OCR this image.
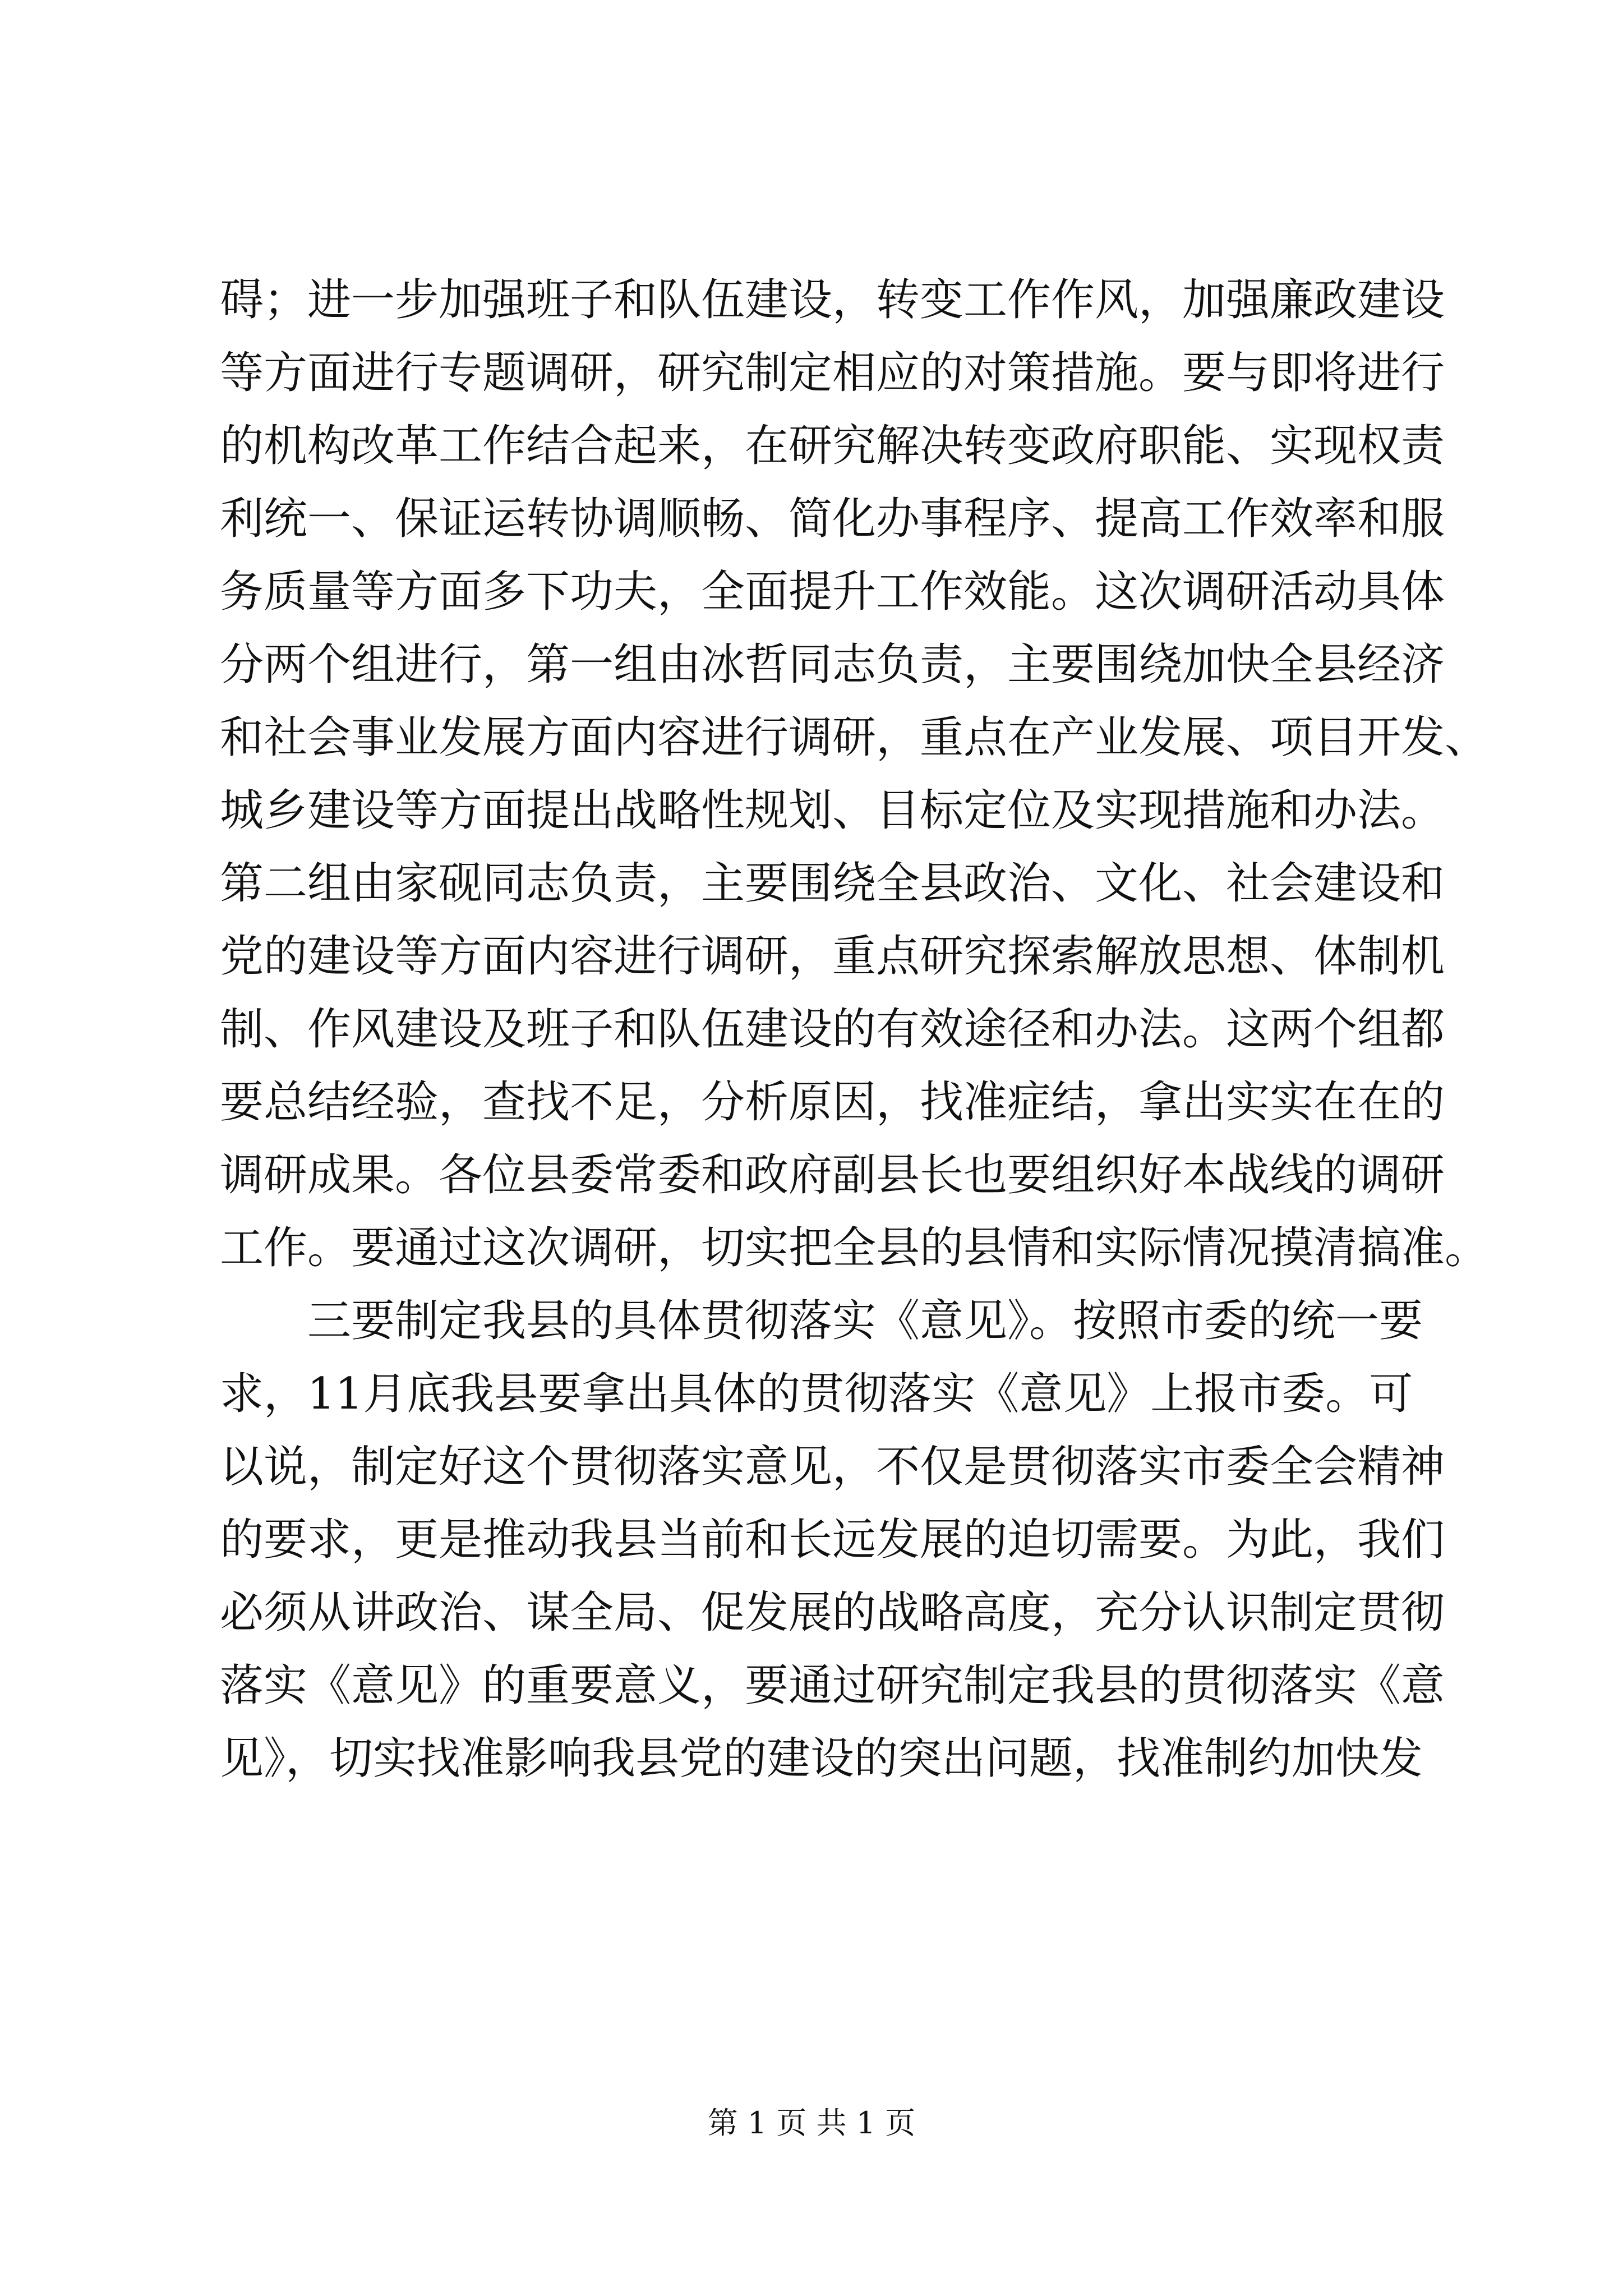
碍；进一步加强班子和队伍建设，转变工作作风，加强廉政建设
等方面进行专题调研，研究制定相应的对策措施。要与即将进行
的机构改革工作结合起来，在研究解决转变政府职能、实现权责
利统一、保证运转协调顺畅、简化办事程序、提高工作效率和服
务质量等方面多下功夫，全面提升工作效能。这次调研活动具体
分两个组进行，第一组由冰哲同志负责，主要围绕加快全县经济
和社会事业发展方面内容进行调研，重点在产业发展、项目开发、
城乡建设等方面提出战略性规划、目标定位及实现措施和办法。
第二组由家砚同志负责，主要围绕全县政治、文化、社会建设和
党的建设等方面内容进行调研，重点研究探索解放思想、体制机
制、作风建设及班子和队伍建设的有效途径和办法。这两个组都
要总结经验，查找不足，分析原因，找准症结，拿出实实在在的
调研成果。各位县委常委和政府副县长也要组织好本战线的调研
工作。要通过这次调研，切实把全县的县情和实际情况摸清搞准。
三要制定我县的具体贯彻落实《意见》。按照市委的统一要
求，11月底我县要拿出具体的贯彻落实《意见》上报市委。可
以说，制定好这个贯彻落实意见，不仅是贯彻落实市委全会精神
的要求，更是推动我县当前和长远发展的迫切需要。为此，我们
必须从讲政治、谋全局、促发展的战略高度，充分认识制定贯彻
落实《意见》的重要意义，要通过研究制定我县的贯彻落实《意
见》，切实找准影响我县党的建设的突出问题，找准制约加快发
第 1 页 共 1 页
